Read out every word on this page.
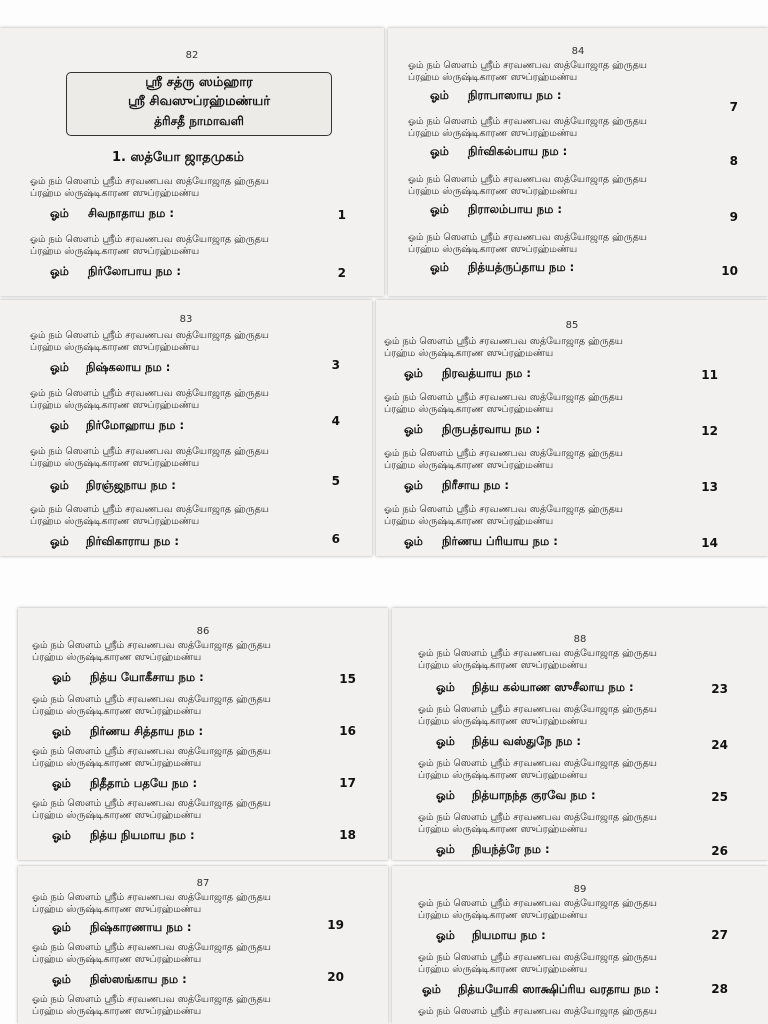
82
ஸ்ரீ சத்ரு ஸம்ஹார
ஸ்ரீ சிவஸுப்ரஹ்மண்யர்
த்ரிசதீ நாமாவளி
1. ஸத்யோ ஜாதமுகம்
ஓம் நம் ஸௌம் ஸ்ரீம் சரவணபவ ஸத்யோஜாத ஹ்ருதய
ப்ரஹ்ம ஸ்ருஷ்டிகாரண ஸுப்ரஹ்மண்ய
ஓம் சிவநாதாய நம :	1
ஓம் நம் ஸௌம் ஸ்ரீம் சரவணபவ ஸத்யோஜாத ஹ்ருதய
ப்ரஹ்ம ஸ்ருஷ்டிகாரண ஸுப்ரஹ்மண்ய
ஓம் நிர்லோபாய நம :	2
84
ஓம் நம் ஸௌம் ஸ்ரீம் சரவணபவ ஸத்யோஜாத ஹ்ருதய
ப்ரஹ்ம ஸ்ருஷ்டிகாரண ஸுப்ரஹ்மண்ய
ஓம் நிராபாஸாய நம :
7
ஓம் நம் ஸௌம் ஸ்ரீம் சரவணபவ ஸத்யோஜாத ஹ்ருதய
ப்ரஹ்ம ஸ்ருஷ்டிகாரண ஸுப்ரஹ்மண்ய
ஓம் நிர்விகல்பாய நம :
8
ஓம் நம் ஸௌம் ஸ்ரீம் சரவணபவ ஸத்யோஜாத ஹ்ருதய
ப்ரஹ்ம ஸ்ருஷ்டிகாரண ஸுப்ரஹ்மண்ய
ஓம் நிராலம்பாய நம :
9
ஓம் நம் ஸௌம் ஸ்ரீம் சரவணபவ ஸத்யோஜாத ஹ்ருதய
ப்ரஹ்ம ஸ்ருஷ்டிகாரண ஸுப்ரஹ்மண்ய
ஓம் நித்யத்ருப்தாய நம :	10
83
ஓம் நம் ஸௌம் ஸ்ரீம் சரவணபவ ஸத்யோஜாத ஹ்ருதய
ப்ரஹ்ம ஸ்ருஷ்டிகாரண ஸுப்ரஹ்மண்ய
ஓம் நிஷ்கலாய நம :	3
ஓம் நம் ஸௌம் ஸ்ரீம் சரவணபவ ஸத்யோஜாத ஹ்ருதய
ப்ரஹ்ம ஸ்ருஷ்டிகாரண ஸுப்ரஹ்மண்ய
ஓம் நிர்மோஹாய நம :	4
ஓம் நம் ஸௌம் ஸ்ரீம் சரவணபவ ஸத்யோஜாத ஹ்ருதய
ப்ரஹ்ம ஸ்ருஷ்டிகாரண ஸுப்ரஹ்மண்ய
ஓம் நிரஞ்ஜநாய நம :	5
ஓம் நம் ஸௌம் ஸ்ரீம் சரவணபவ ஸத்யோஜாத ஹ்ருதய
ப்ரஹ்ம ஸ்ருஷ்டிகாரண ஸுப்ரஹ்மண்ய
ஓம் நிர்விகாராய நம :	6
85
ஓம் நம் ஸௌம் ஸ்ரீம் சரவணபவ ஸத்யோஜாத ஹ்ருதய
ப்ரஹ்ம ஸ்ருஷ்டிகாரண ஸுப்ரஹ்மண்ய
ஓம் நிரவத்யாய நம :	11
ஓம் நம் ஸௌம் ஸ்ரீம் சரவணபவ ஸத்யோஜாத ஹ்ருதய
ப்ரஹ்ம ஸ்ருஷ்டிகாரண ஸுப்ரஹ்மண்ய
ஓம் நிருபத்ரவாய நம :	12
ஓம் நம் ஸௌம் ஸ்ரீம் சரவணபவ ஸத்யோஜாத ஹ்ருதய
ப்ரஹ்ம ஸ்ருஷ்டிகாரண ஸுப்ரஹ்மண்ய
ஓம் நிரீசாய நம :	13
ஓம் நம் ஸௌம் ஸ்ரீம் சரவணபவ ஸத்யோஜாத ஹ்ருதய
ப்ரஹ்ம ஸ்ருஷ்டிகாரண ஸுப்ரஹ்மண்ய
ஓம் நிர்ணய ப்ரியாய நம :	14
86
ஓம் நம் ஸௌம் ஸ்ரீம் சரவணபவ ஸத்யோஜாத ஹ்ருதய
ப்ரஹ்ம ஸ்ருஷ்டிகாரண ஸுப்ரஹ்மண்ய
ஓம் நித்ய யோகீசாய நம :	15
ஓம் நம் ஸௌம் ஸ்ரீம் சரவணபவ ஸத்யோஜாத ஹ்ருதய
ப்ரஹ்ம ஸ்ருஷ்டிகாரண ஸுப்ரஹ்மண்ய
ஓம் நிர்ணய சித்தாய நம :	16
ஓம் நம் ஸௌம் ஸ்ரீம் சரவணபவ ஸத்யோஜாத ஹ்ருதய
ப்ரஹ்ம ஸ்ருஷ்டிகாரண ஸுப்ரஹ்மண்ய
ஓம் நிதீதாம் பதயே நம :	17
ஓம் நம் ஸௌம் ஸ்ரீம் சரவணபவ ஸத்யோஜாத ஹ்ருதய
ப்ரஹ்ம ஸ்ருஷ்டிகாரண ஸுப்ரஹ்மண்ய
ஓம் நித்ய நியமாய நம :	18
88
ஓம் நம் ஸௌம் ஸ்ரீம் சரவணபவ ஸத்யோஜாத ஹ்ருதய
ப்ரஹ்ம ஸ்ருஷ்டிகாரண ஸுப்ரஹ்மண்ய
ஓம் நித்ய கல்யாண ஸுசீலாய நம :	23
ஓம் நம் ஸௌம் ஸ்ரீம் சரவணபவ ஸத்யோஜாத ஹ்ருதய
ப்ரஹ்ம ஸ்ருஷ்டிகாரண ஸுப்ரஹ்மண்ய
ஓம் நித்ய வஸ்துநே நம :	24
ஓம் நம் ஸௌம் ஸ்ரீம் சரவணபவ ஸத்யோஜாத ஹ்ருதய
ப்ரஹ்ம ஸ்ருஷ்டிகாரண ஸுப்ரஹ்மண்ய
ஓம் நித்யாநந்த குரவே நம :	25
ஓம் நம் ஸௌம் ஸ்ரீம் சரவணபவ ஸத்யோஜாத ஹ்ருதய
ப்ரஹ்ம ஸ்ருஷ்டிகாரண ஸுப்ரஹ்மண்ய
ஓம் நியந்த்ரே நம :	26
87
ஓம் நம் ஸௌம் ஸ்ரீம் சரவணபவ ஸத்யோஜாத ஹ்ருதய
ப்ரஹ்ம ஸ்ருஷ்டிகாரண ஸுப்ரஹ்மண்ய
ஓம் நிஷ்காரணாய நம :	19
ஓம் நம் ஸௌம் ஸ்ரீம் சரவணபவ ஸத்யோஜாத ஹ்ருதய
ப்ரஹ்ம ஸ்ருஷ்டிகாரண ஸுப்ரஹ்மண்ய
ஓம் நிஸ்ஸங்காய நம :	20
ஓம் நம் ஸௌம் ஸ்ரீம் சரவணபவ ஸத்யோஜாத ஹ்ருதய
ப்ரஹ்ம ஸ்ருஷ்டிகாரண ஸுப்ரஹ்மண்ய
89
ஓம் நம் ஸௌம் ஸ்ரீம் சரவணபவ ஸத்யோஜாத ஹ்ருதய
ப்ரஹ்ம ஸ்ருஷ்டிகாரண ஸுப்ரஹ்மண்ய
ஓம் நியமாய நம :	27
ஓம் நம் ஸௌம் ஸ்ரீம் சரவணபவ ஸத்யோஜாத ஹ்ருதய
ப்ரஹ்ம ஸ்ருஷ்டிகாரண ஸுப்ரஹ்மண்ய
ஓம் நித்யயோகி ஸாக்ஷிப்ரிய வரதாய நம :	28
ஓம் நம் ஸௌம் ஸ்ரீம் சரவணபவ ஸத்யோஜாத ஹ்ருதய
